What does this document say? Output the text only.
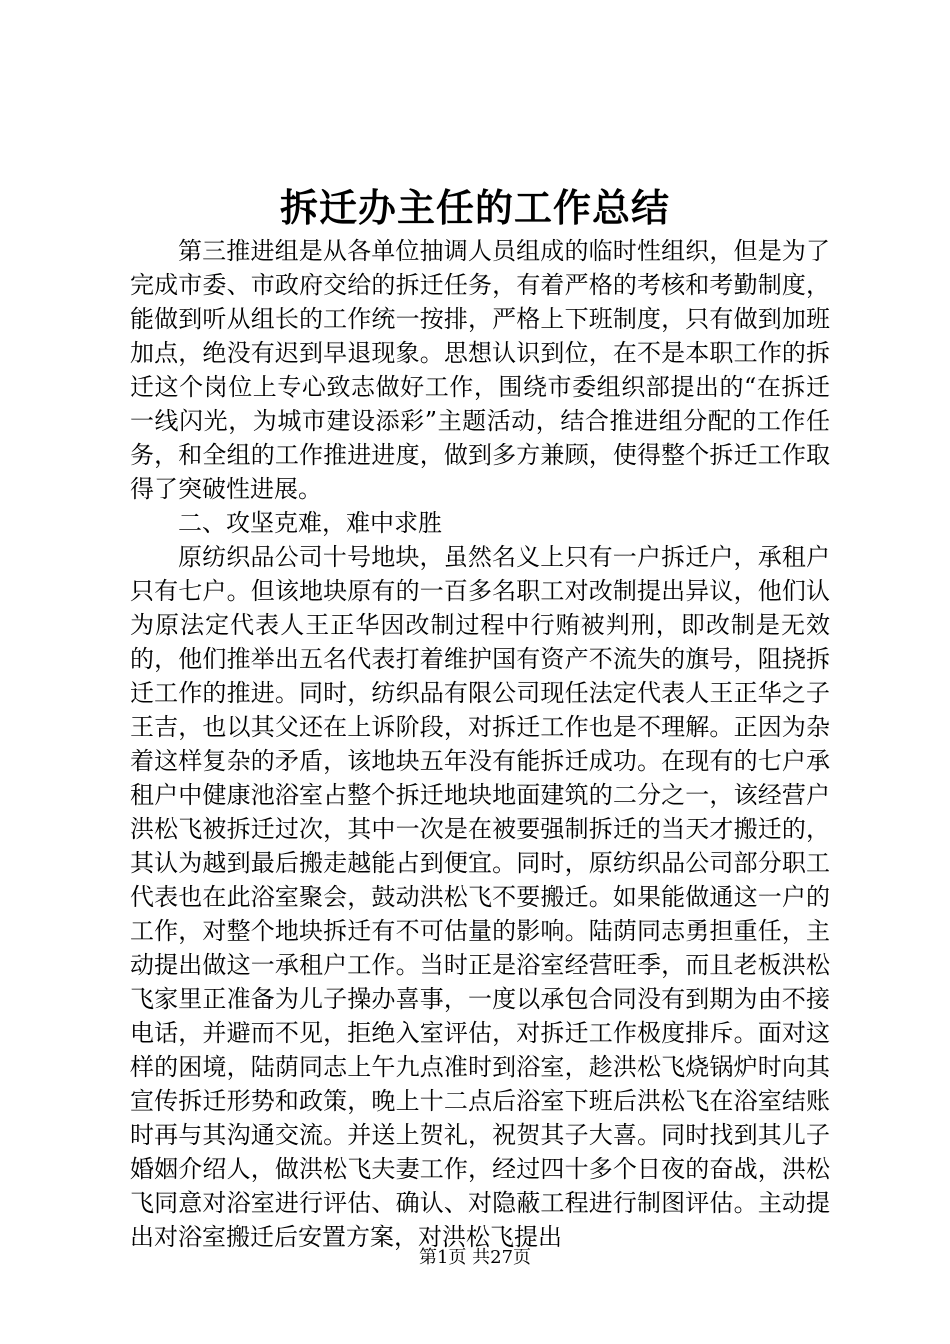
拆迁办主任的工作总结

第三推进组是从各单位抽调人员组成的临时性组织，但是为了完成市委、市政府交给的拆迁任务，有着严格的考核和考勤制度，能做到听从组长的工作统一按排，严格上下班制度，只有做到加班加点，绝没有迟到早退现象。思想认识到位，在不是本职工作的拆迁这个岗位上专心致志做好工作，围绕市委组织部提出的“在拆迁一线闪光，为城市建设添彩”主题活动，结合推进组分配的工作任务，和全组的工作推进进度，做到多方兼顾，使得整个拆迁工作取得了突破性进展。

二、攻坚克难，难中求胜

原纺织品公司十号地块，虽然名义上只有一户拆迁户，承租户只有七户。但该地块原有的一百多名职工对改制提出异议，他们认为原法定代表人王正华因改制过程中行贿被判刑，即改制是无效的，他们推举出五名代表打着维护国有资产不流失的旗号，阻挠拆迁工作的推进。同时，纺织品有限公司现任法定代表人王正华之子王吉，也以其父还在上诉阶段，对拆迁工作也是不理解。正因为杂着这样复杂的矛盾，该地块五年没有能拆迁成功。在现有的七户承租户中健康池浴室占整个拆迁地块地面建筑的二分之一，该经营户洪松飞被拆迁过次，其中一次是在被要强制拆迁的当天才搬迁的，其认为越到最后搬走越能占到便宜。同时，原纺织品公司部分职工代表也在此浴室聚会，鼓动洪松飞不要搬迁。如果能做通这一户的工作，对整个地块拆迁有不可估量的影响。陆荫同志勇担重任，主动提出做这一承租户工作。当时正是浴室经营旺季，而且老板洪松飞家里正准备为儿子操办喜事，一度以承包合同没有到期为由不接电话，并避而不见，拒绝入室评估，对拆迁工作极度排斥。面对这样的困境，陆荫同志上午九点准时到浴室，趁洪松飞烧锅炉时向其宣传拆迁形势和政策，晚上十二点后浴室下班后洪松飞在浴室结账时再与其沟通交流。并送上贺礼，祝贺其子大喜。同时找到其儿子婚姻介绍人，做洪松飞夫妻工作，经过四十多个日夜的奋战，洪松飞同意对浴室进行评估、确认、对隐蔽工程进行制图评估。主动提出对浴室搬迁后安置方案，对洪松飞提出

第1页 共27页
